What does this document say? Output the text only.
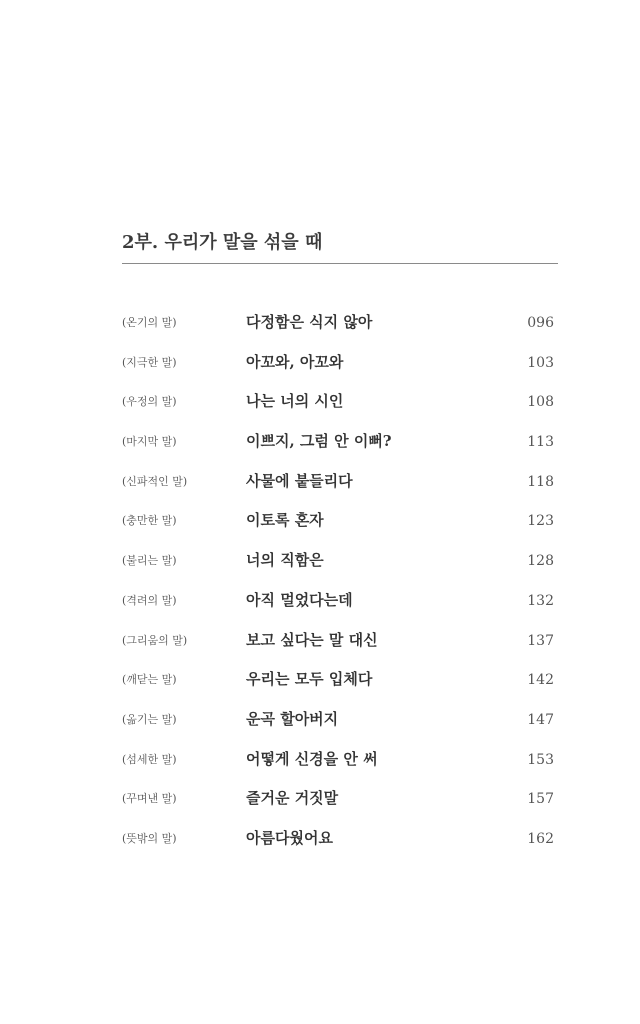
2부. 우리가 말을 섞을 때
(온기의 말)	다정함은 식지 않아	096
(지극한 말)	아꼬와, 아꼬와	103
(우정의 말)	나는 너의 시인	108
(마지막 말)	이쁘지, 그럼 안 이뻐?	113
(신파적인 말)	사물에 붙들리다	118
(충만한 말)	이토록 혼자	123
(불리는 말)	너의 직함은	128
(격려의 말)	아직 멀었다는데	132
(그리움의 말)	보고 싶다는 말 대신	137
(깨닫는 말)	우리는 모두 입체다	142
(옮기는 말)	운곡 할아버지	147
(섬세한 말)	어떻게 신경을 안 써	153
(꾸며낸 말)	즐거운 거짓말	157
(뜻밖의 말)	아름다웠어요	162
